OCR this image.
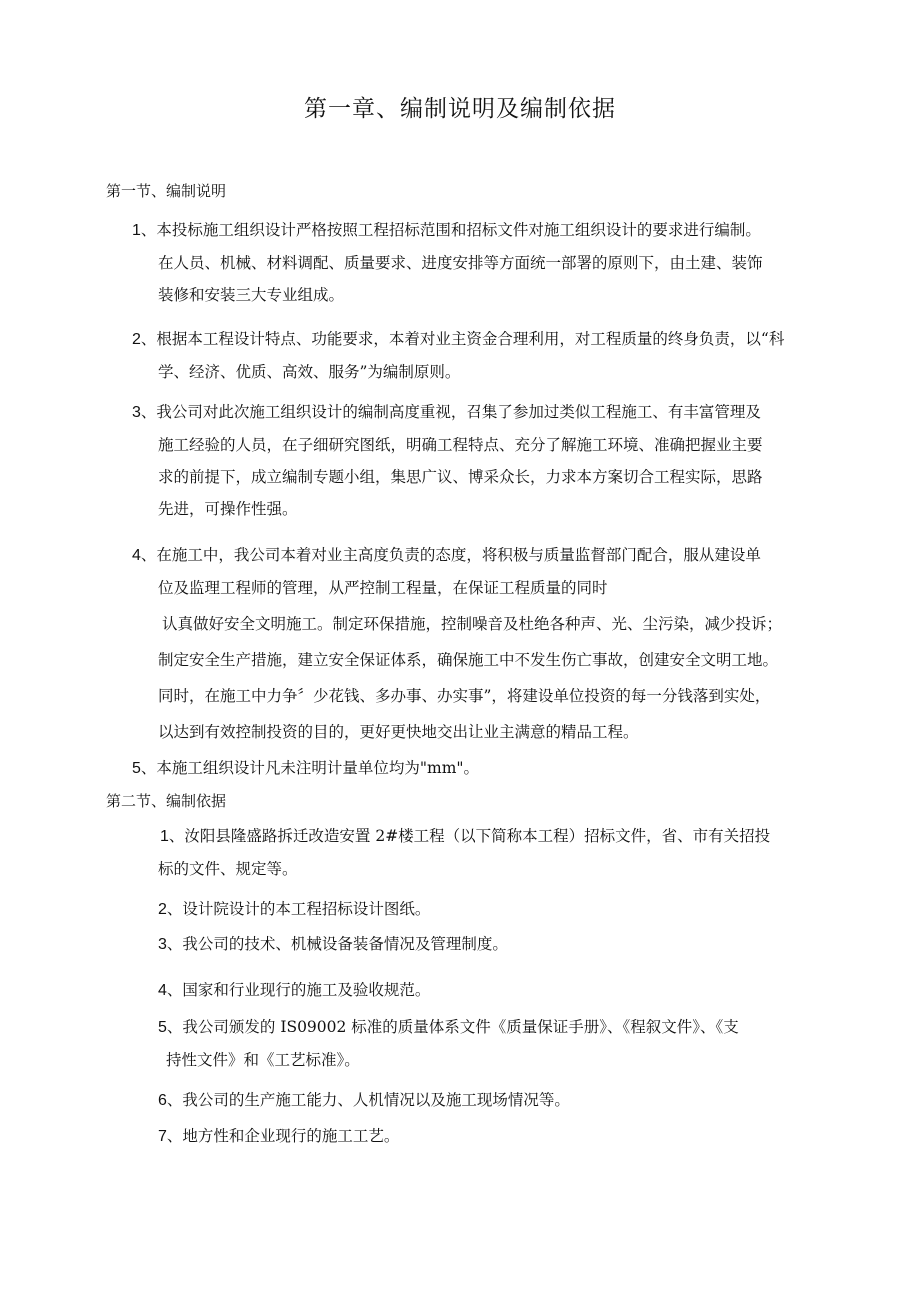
第一章、编制说明及编制依据
第一节、编制说明
1、本投标施工组织设计严格按照工程招标范围和招标文件对施工组织设计的要求进行编制。
在人员、机械、材料调配、质量要求、进度安排等方面统一部署的原则下，由土建、装饰
装修和安装三大专业组成。
2、根据本工程设计特点、功能要求，本着对业主资金合理利用，对工程质量的终身负责，以“科
学、经济、优质、高效、服务”为编制原则。
3、我公司对此次施工组织设计的编制高度重视，召集了参加过类似工程施工、有丰富管理及
施工经验的人员，在子细研究图纸，明确工程特点、充分了解施工环境、准确把握业主要
求的前提下，成立编制专题小组，集思广议、博采众长，力求本方案切合工程实际，思路
先进，可操作性强。
4、在施工中，我公司本着对业主高度负责的态度，将积极与质量监督部门配合，服从建设单
位及监理工程师的管理，从严控制工程量，在保证工程质量的同时
认真做好安全文明施工。制定环保措施，控制噪音及杜绝各种声、光、尘污染，减少投诉；
制定安全生产措施，建立安全保证体系，确保施工中不发生伤亡事故，创建安全文明工地。
同时，在施工中力争〞少花钱、多办事、办实事”，将建设单位投资的每一分钱落到实处，
以达到有效控制投资的目的，更好更快地交出让业主满意的精品工程。
5、本施工组织设计凡未注明计量单位均为"mm"。
第二节、编制依据
1、汝阳县隆盛路拆迁改造安置 2#楼工程（以下简称本工程）招标文件，省、市有关招投
标的文件、规定等。
2、设计院设计的本工程招标设计图纸。
3、我公司的技术、机械设备装备情况及管理制度。
4、国家和行业现行的施工及验收规范。
5、我公司颁发的 IS09002 标准的质量体系文件《质量保证手册》、《程叙文件》、《支
持性文件》和《工艺标准》。
6、我公司的生产施工能力、人机情况以及施工现场情况等。
7、地方性和企业现行的施工工艺。
